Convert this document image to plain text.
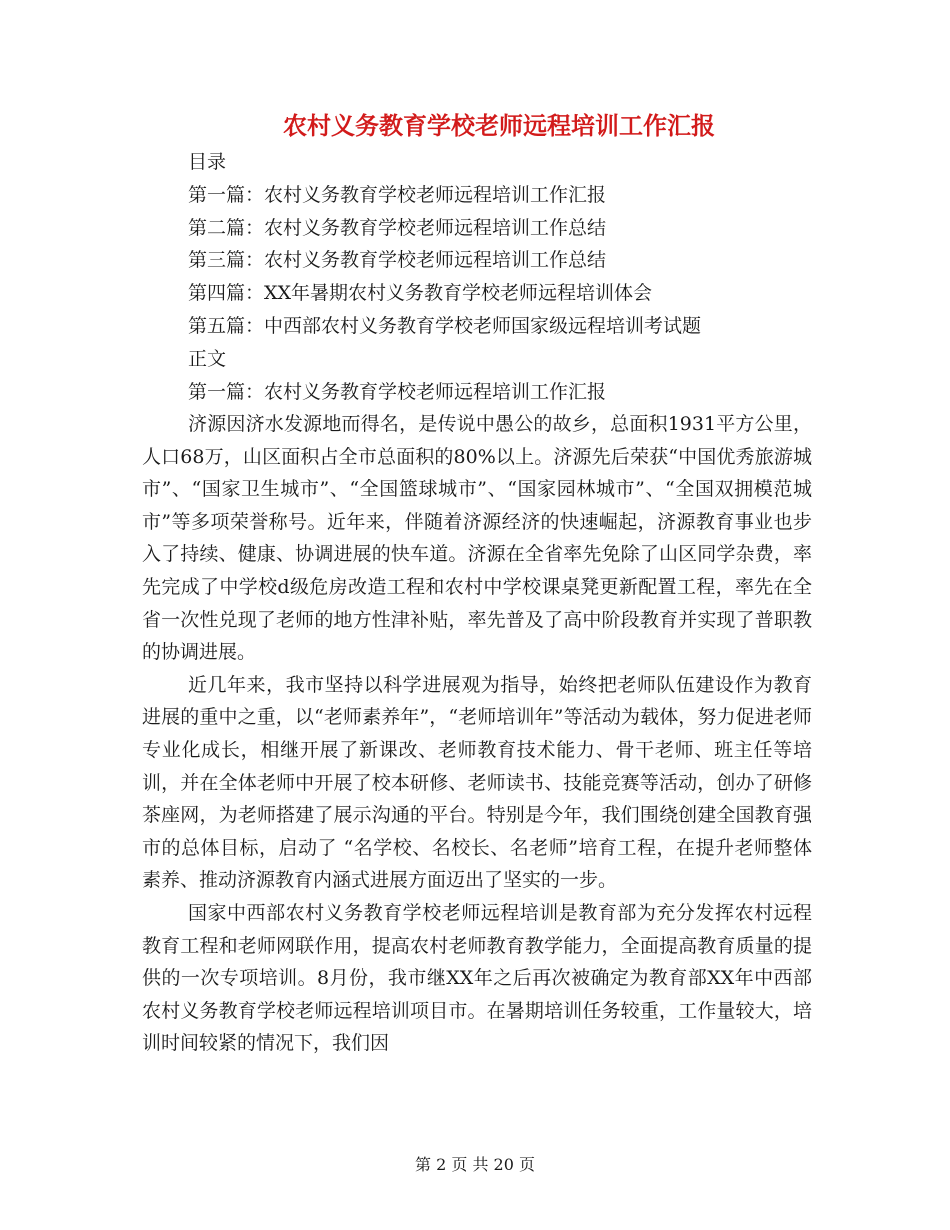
农村义务教育学校老师远程培训工作汇报
目录
第一篇：农村义务教育学校老师远程培训工作汇报
第二篇：农村义务教育学校老师远程培训工作总结
第三篇：农村义务教育学校老师远程培训工作总结
第四篇：XX年暑期农村义务教育学校老师远程培训体会
第五篇：中西部农村义务教育学校老师国家级远程培训考试题
正文
第一篇：农村义务教育学校老师远程培训工作汇报

济源因济水发源地而得名，是传说中愚公的故乡，总面积1931平方公里，人口68万，山区面积占全市总面积的80%以上。济源先后荣获“中国优秀旅游城市”、“国家卫生城市”、“全国篮球城市”、“国家园林城市”、“全国双拥模范城市”等多项荣誉称号。近年来，伴随着济源经济的快速崛起，济源教育事业也步入了持续、健康、协调进展的快车道。济源在全省率先免除了山区同学杂费，率先完成了中学校d级危房改造工程和农村中学校课桌凳更新配置工程，率先在全省一次性兑现了老师的地方性津补贴，率先普及了高中阶段教育并实现了普职教的协调进展。

近几年来，我市坚持以科学进展观为指导，始终把老师队伍建设作为教育进展的重中之重，以“老师素养年”，“老师培训年”等活动为载体，努力促进老师专业化成长，相继开展了新课改、老师教育技术能力、骨干老师、班主任等培训，并在全体老师中开展了校本研修、老师读书、技能竞赛等活动，创办了研修茶座网，为老师搭建了展示沟通的平台。特别是今年，我们围绕创建全国教育强市的总体目标，启动了 “名学校、名校长、名老师”培育工程，在提升老师整体素养、推动济源教育内涵式进展方面迈出了坚实的一步。

国家中西部农村义务教育学校老师远程培训是教育部为充分发挥农村远程教育工程和老师网联作用，提高农村老师教育教学能力，全面提高教育质量的提供的一次专项培训。8月份，我市继XX年之后再次被确定为教育部XX年中西部农村义务教育学校老师远程培训项目市。在暑期培训任务较重，工作量较大，培训时间较紧的情况下，我们因

第 2 页 共 20 页
